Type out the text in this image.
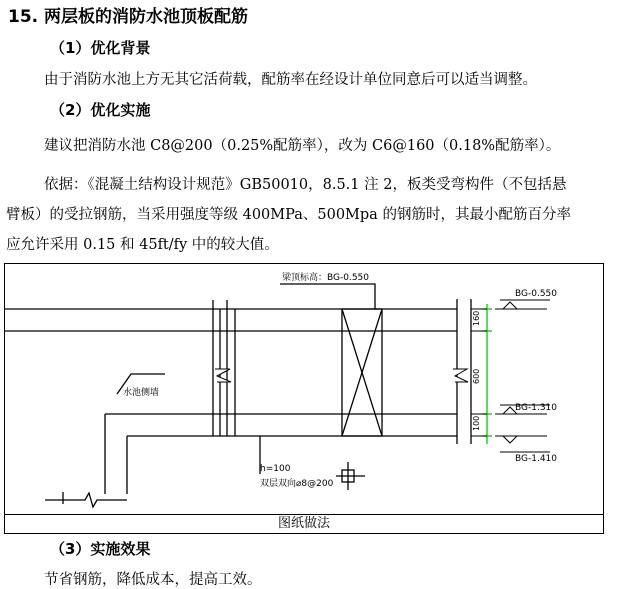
15. 两层板的消防水池顶板配筋
（1）优化背景
由于消防水池上方无其它活荷载，配筋率在经设计单位同意后可以适当调整。
（2）优化实施
建议把消防水池 C8@200（0.25%配筋率），改为 C6@160（0.18%配筋率）。
依据：《混凝土结构设计规范》GB50010，8.5.1 注 2，板类受弯构件（不包括悬
臂板）的受拉钢筋，当采用强度等级 400MPa、500Mpa 的钢筋时，其最小配筋百分率
应允许采用 0.15 和 45ft/fy 中的较大值。
梁顶标高：BG-0.550
BG-0.550
BG-1.310
BG-1.410
160
600
100
水池侧墙
h=100
双层双向⌀8@200
图纸做法
（3）实施效果
节省钢筋，降低成本，提高工效。
